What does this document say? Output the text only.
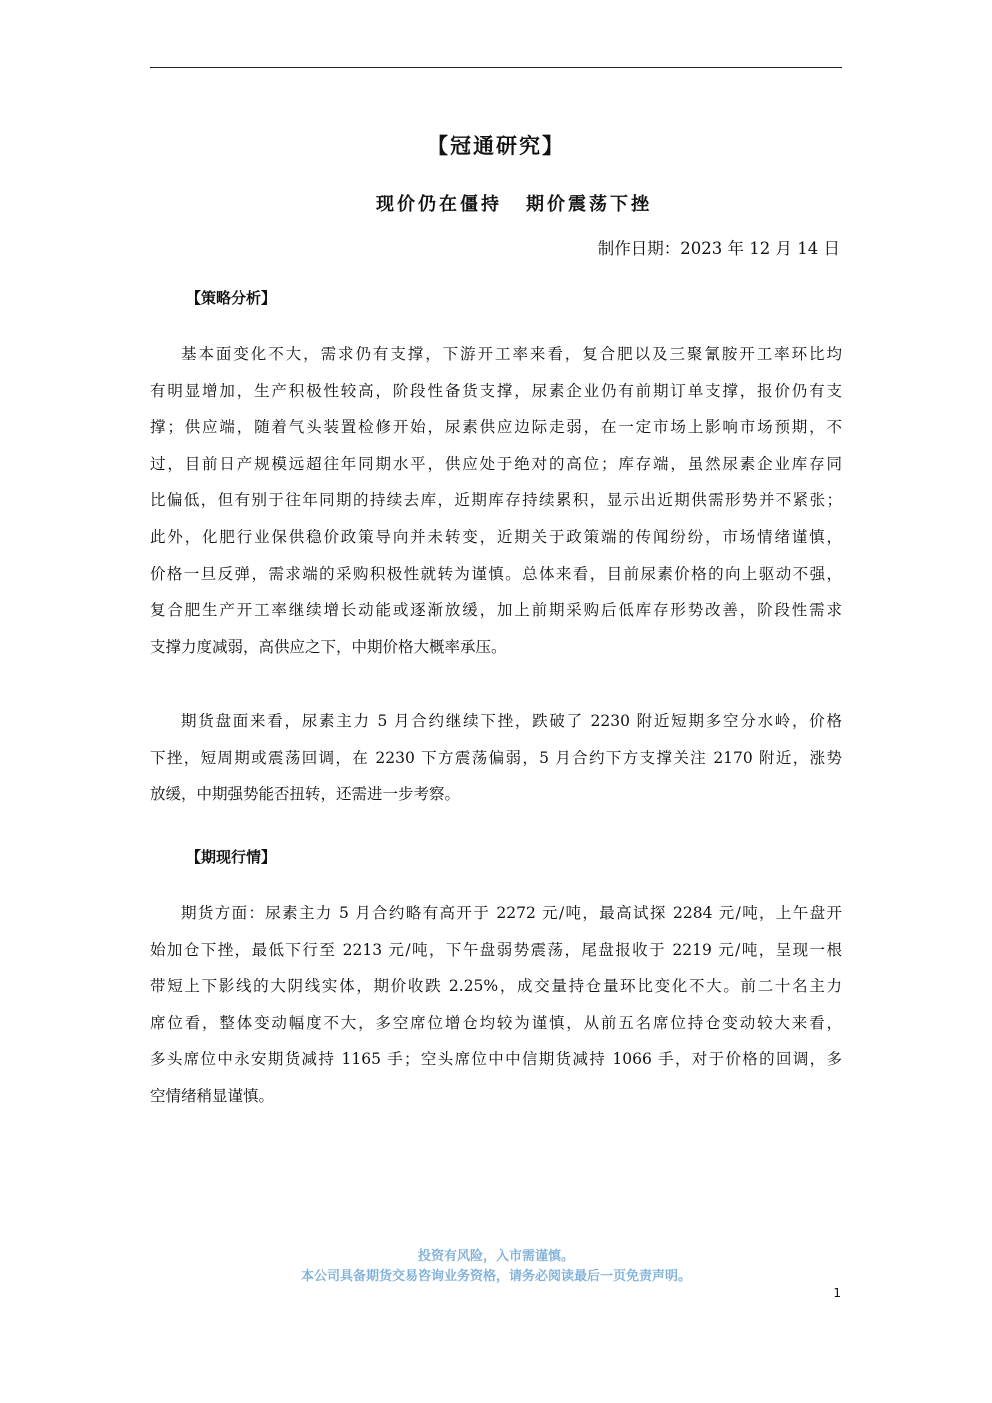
【冠通研究】
现价仍在僵持 期价震荡下挫
制作日期：2023 年 12 月 14 日
【策略分析】
基本面变化不大，需求仍有支撑，下游开工率来看，复合肥以及三聚氰胺开工率环比均
有明显增加，生产积极性较高，阶段性备货支撑，尿素企业仍有前期订单支撑，报价仍有支
撑；供应端，随着气头装置检修开始，尿素供应边际走弱，在一定市场上影响市场预期，不
过，目前日产规模远超往年同期水平，供应处于绝对的高位；库存端，虽然尿素企业库存同
比偏低，但有别于往年同期的持续去库，近期库存持续累积，显示出近期供需形势并不紧张；
此外，化肥行业保供稳价政策导向并未转变，近期关于政策端的传闻纷纷，市场情绪谨慎，
价格一旦反弹，需求端的采购积极性就转为谨慎。总体来看，目前尿素价格的向上驱动不强，
复合肥生产开工率继续增长动能或逐渐放缓，加上前期采购后低库存形势改善，阶段性需求
支撑力度减弱，高供应之下，中期价格大概率承压。
期货盘面来看，尿素主力 5 月合约继续下挫，跌破了 2230 附近短期多空分水岭，价格
下挫，短周期或震荡回调，在 2230 下方震荡偏弱，5 月合约下方支撑关注 2170 附近，涨势
放缓，中期强势能否扭转，还需进一步考察。
【期现行情】
期货方面：尿素主力 5 月合约略有高开于 2272 元/吨，最高试探 2284 元/吨，上午盘开
始加仓下挫，最低下行至 2213 元/吨，下午盘弱势震荡，尾盘报收于 2219 元/吨，呈现一根
带短上下影线的大阴线实体，期价收跌 2.25%，成交量持仓量环比变化不大。前二十名主力
席位看，整体变动幅度不大，多空席位增仓均较为谨慎，从前五名席位持仓变动较大来看，
多头席位中永安期货减持 1165 手；空头席位中中信期货减持 1066 手，对于价格的回调，多
空情绪稍显谨慎。
投资有风险，入市需谨慎。
本公司具备期货交易咨询业务资格，请务必阅读最后一页免责声明。
1
